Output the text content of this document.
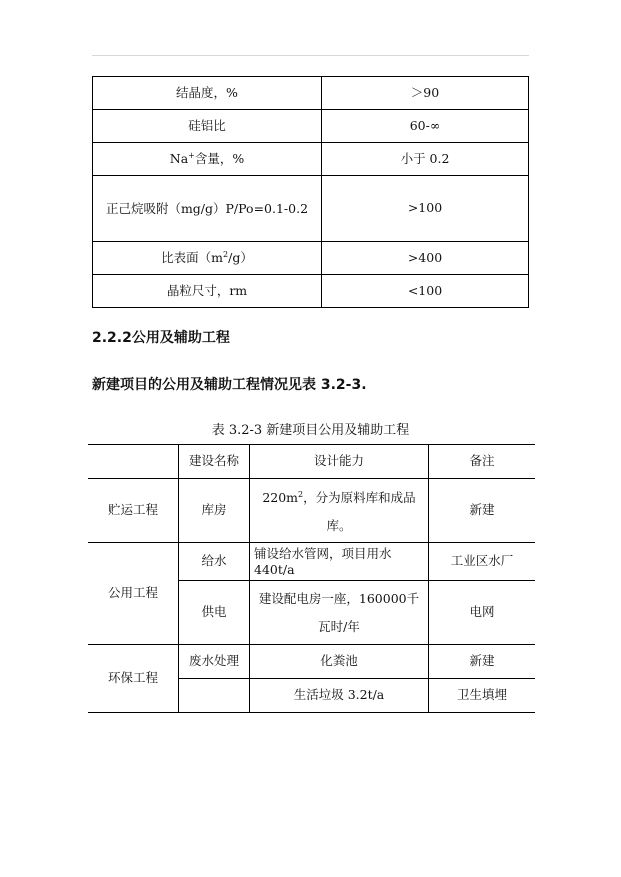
结晶度，%	＞90
硅铝比	60-∞
Na+含量，%	小于 0.2
正己烷吸附（mg/g）P/Po=0.1-0.2	>100
比表面$(m^2/g)$	>400
晶粒尺寸，rm	<100
2.2.2公用及辅助工程
新建项目的公用及辅助工程情况见表 3.2-3.
表 3.2-3 新建项目公用及辅助工程
	建设名称	设计能力	备注
贮运工程	库房	$220m^2$，分为原料库和成品库。	新建
公用工程	给水	铺设给水管网，项目用水440t/a	工业区水厂
	供电	建设配电房一座，160000千瓦时/年	电网
环保工程	废水处理	化粪池	新建
		生活垃圾 3.2t/a	卫生填埋
